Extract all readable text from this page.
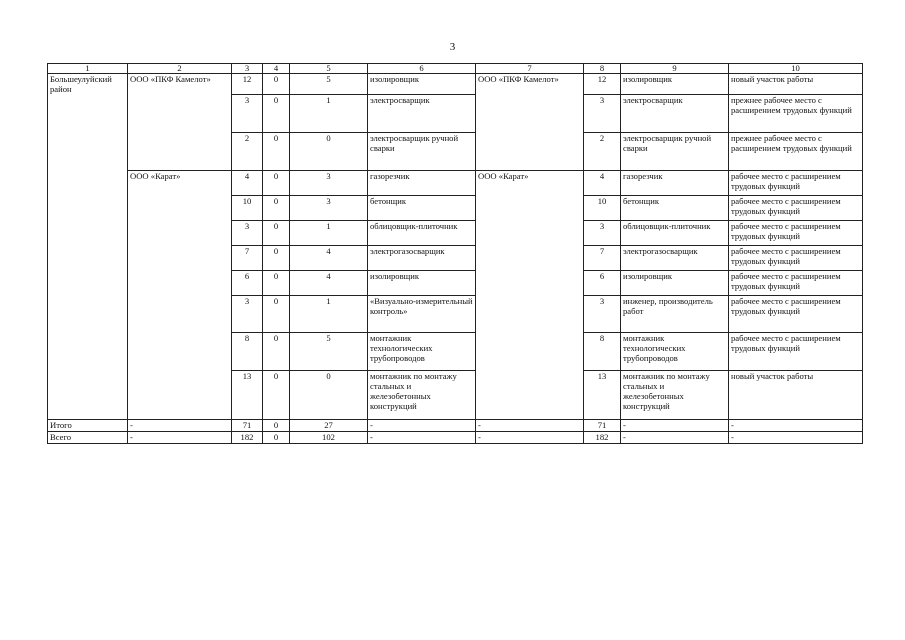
3
1	2	3	4	5	6	7	8	9	10
Большеулуйский район	ООО «ПКФ Камелот»	12	0	5	изолировщик	ООО «ПКФ Камелот»	12	изолировщик	новый участок работы
		3	0	1	электросварщик		3	электросварщик	прежнее рабочее место с расширением трудовых функций
		2	0	0	электросварщик ручной сварки		2	электросварщик ручной сварки	прежнее рабочее место с расширением трудовых функций
	ООО «Карат»	4	0	3	газорезчик	ООО «Карат»	4	газорезчик	рабочее место с расширением трудовых функций
		10	0	3	бетонщик		10	бетонщик	рабочее место с расширением трудовых функций
		3	0	1	облицовщик-плиточник		3	облицовщик-плиточник	рабочее место с расширением трудовых функций
		7	0	4	электрогазосварщик		7	электрогазосварщик	рабочее место с расширением трудовых функций
		6	0	4	изолировщик		6	изолировщик	рабочее место с расширением трудовых функций
		3	0	1	«Визуально-измерительный контроль»		3	инженер, производитель работ	рабочее место с расширением трудовых функций
		8	0	5	монтажник технологических трубопроводов		8	монтажник технологических трубопроводов	рабочее место с расширением трудовых функций
		13	0	0	монтажник по монтажу стальных и железобетонных конструкций		13	монтажник по монтажу стальных и железобетонных конструкций	новый участок работы
Итого	-	71	0	27	-	-	71	-	-
Всего	-	182	0	102	-	-	182	-	-
